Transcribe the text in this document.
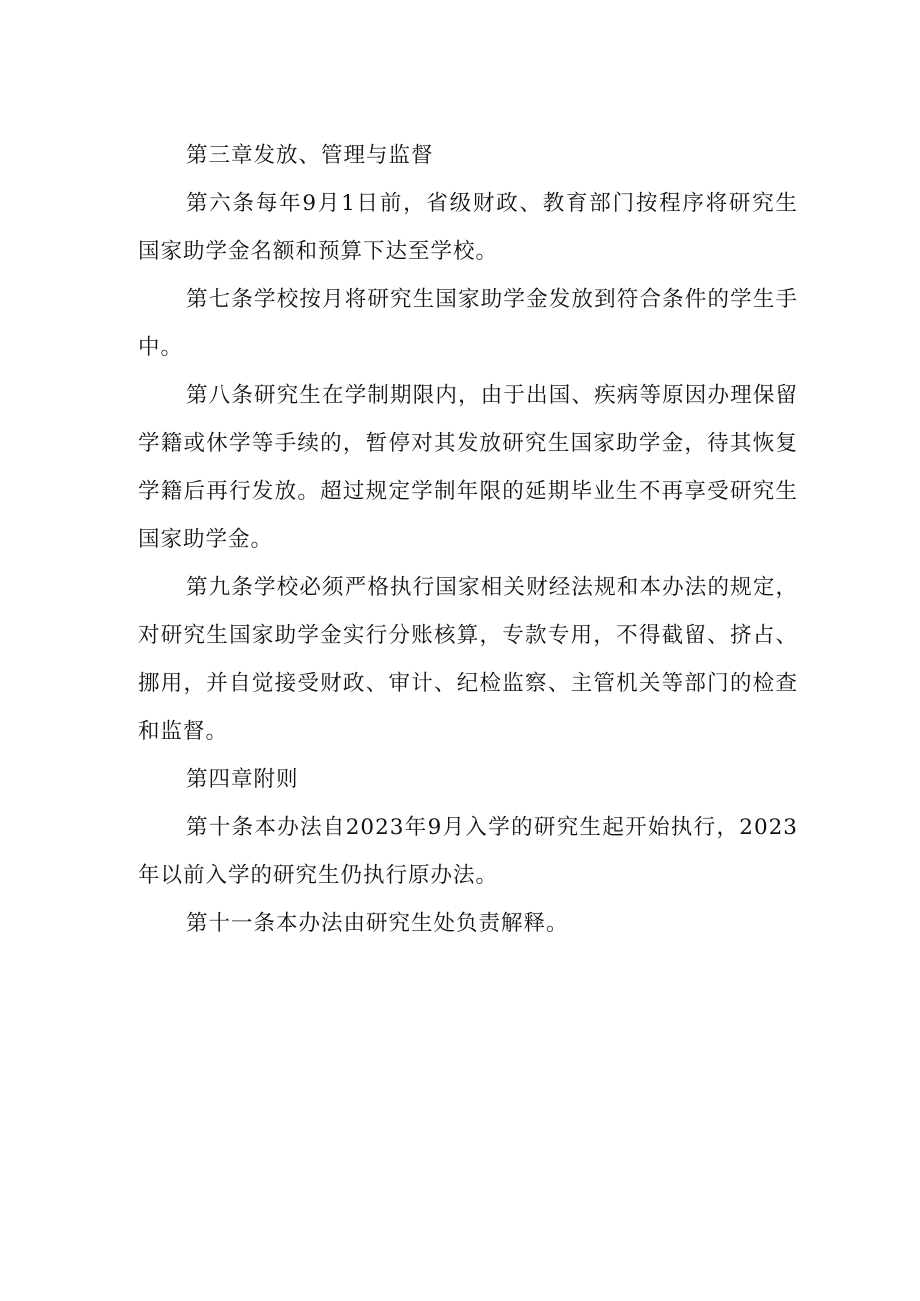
第三章发放、管理与监督

第六条每年9月1日前，省级财政、教育部门按程序将研究生国家助学金名额和预算下达至学校。

第七条学校按月将研究生国家助学金发放到符合条件的学生手中。

第八条研究生在学制期限内，由于出国、疾病等原因办理保留学籍或休学等手续的，暂停对其发放研究生国家助学金，待其恢复学籍后再行发放。超过规定学制年限的延期毕业生不再享受研究生国家助学金。

第九条学校必须严格执行国家相关财经法规和本办法的规定，对研究生国家助学金实行分账核算，专款专用，不得截留、挤占、挪用，并自觉接受财政、审计、纪检监察、主管机关等部门的检查和监督。

第四章附则

第十条本办法自2023年9月入学的研究生起开始执行，2023年以前入学的研究生仍执行原办法。

第十一条本办法由研究生处负责解释。
